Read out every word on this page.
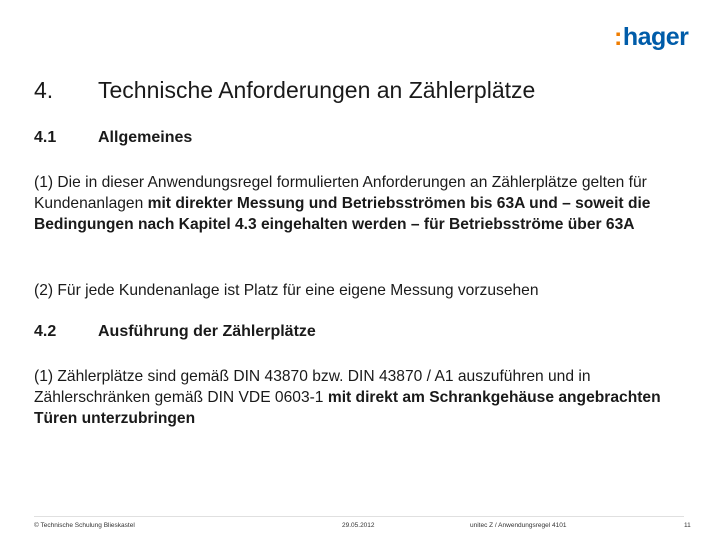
: hager
4.	Technische Anforderungen an Zählerplätze
4.1	Allgemeines
(1) Die in dieser Anwendungsregel formulierten Anforderungen an Zählerplätze gelten für Kundenanlagen mit direkter Messung und Betriebsströmen bis 63A und – soweit die Bedingungen nach Kapitel 4.3 eingehalten werden – für Betriebsströme über 63A
(2) Für jede Kundenanlage ist Platz für eine eigene Messung vorzusehen
4.2	Ausführung der Zählerplätze
(1) Zählerplätze sind gemäß DIN 43870 bzw. DIN 43870 / A1 auszuführen und in Zählerschränken gemäß DIN VDE 0603-1 mit direkt am Schrankgehäuse angebrachten Türen unterzubringen
© Technische Schulung Blieskastel	29.05.2012	unitec Z / Anwendungsregel 4101	11
